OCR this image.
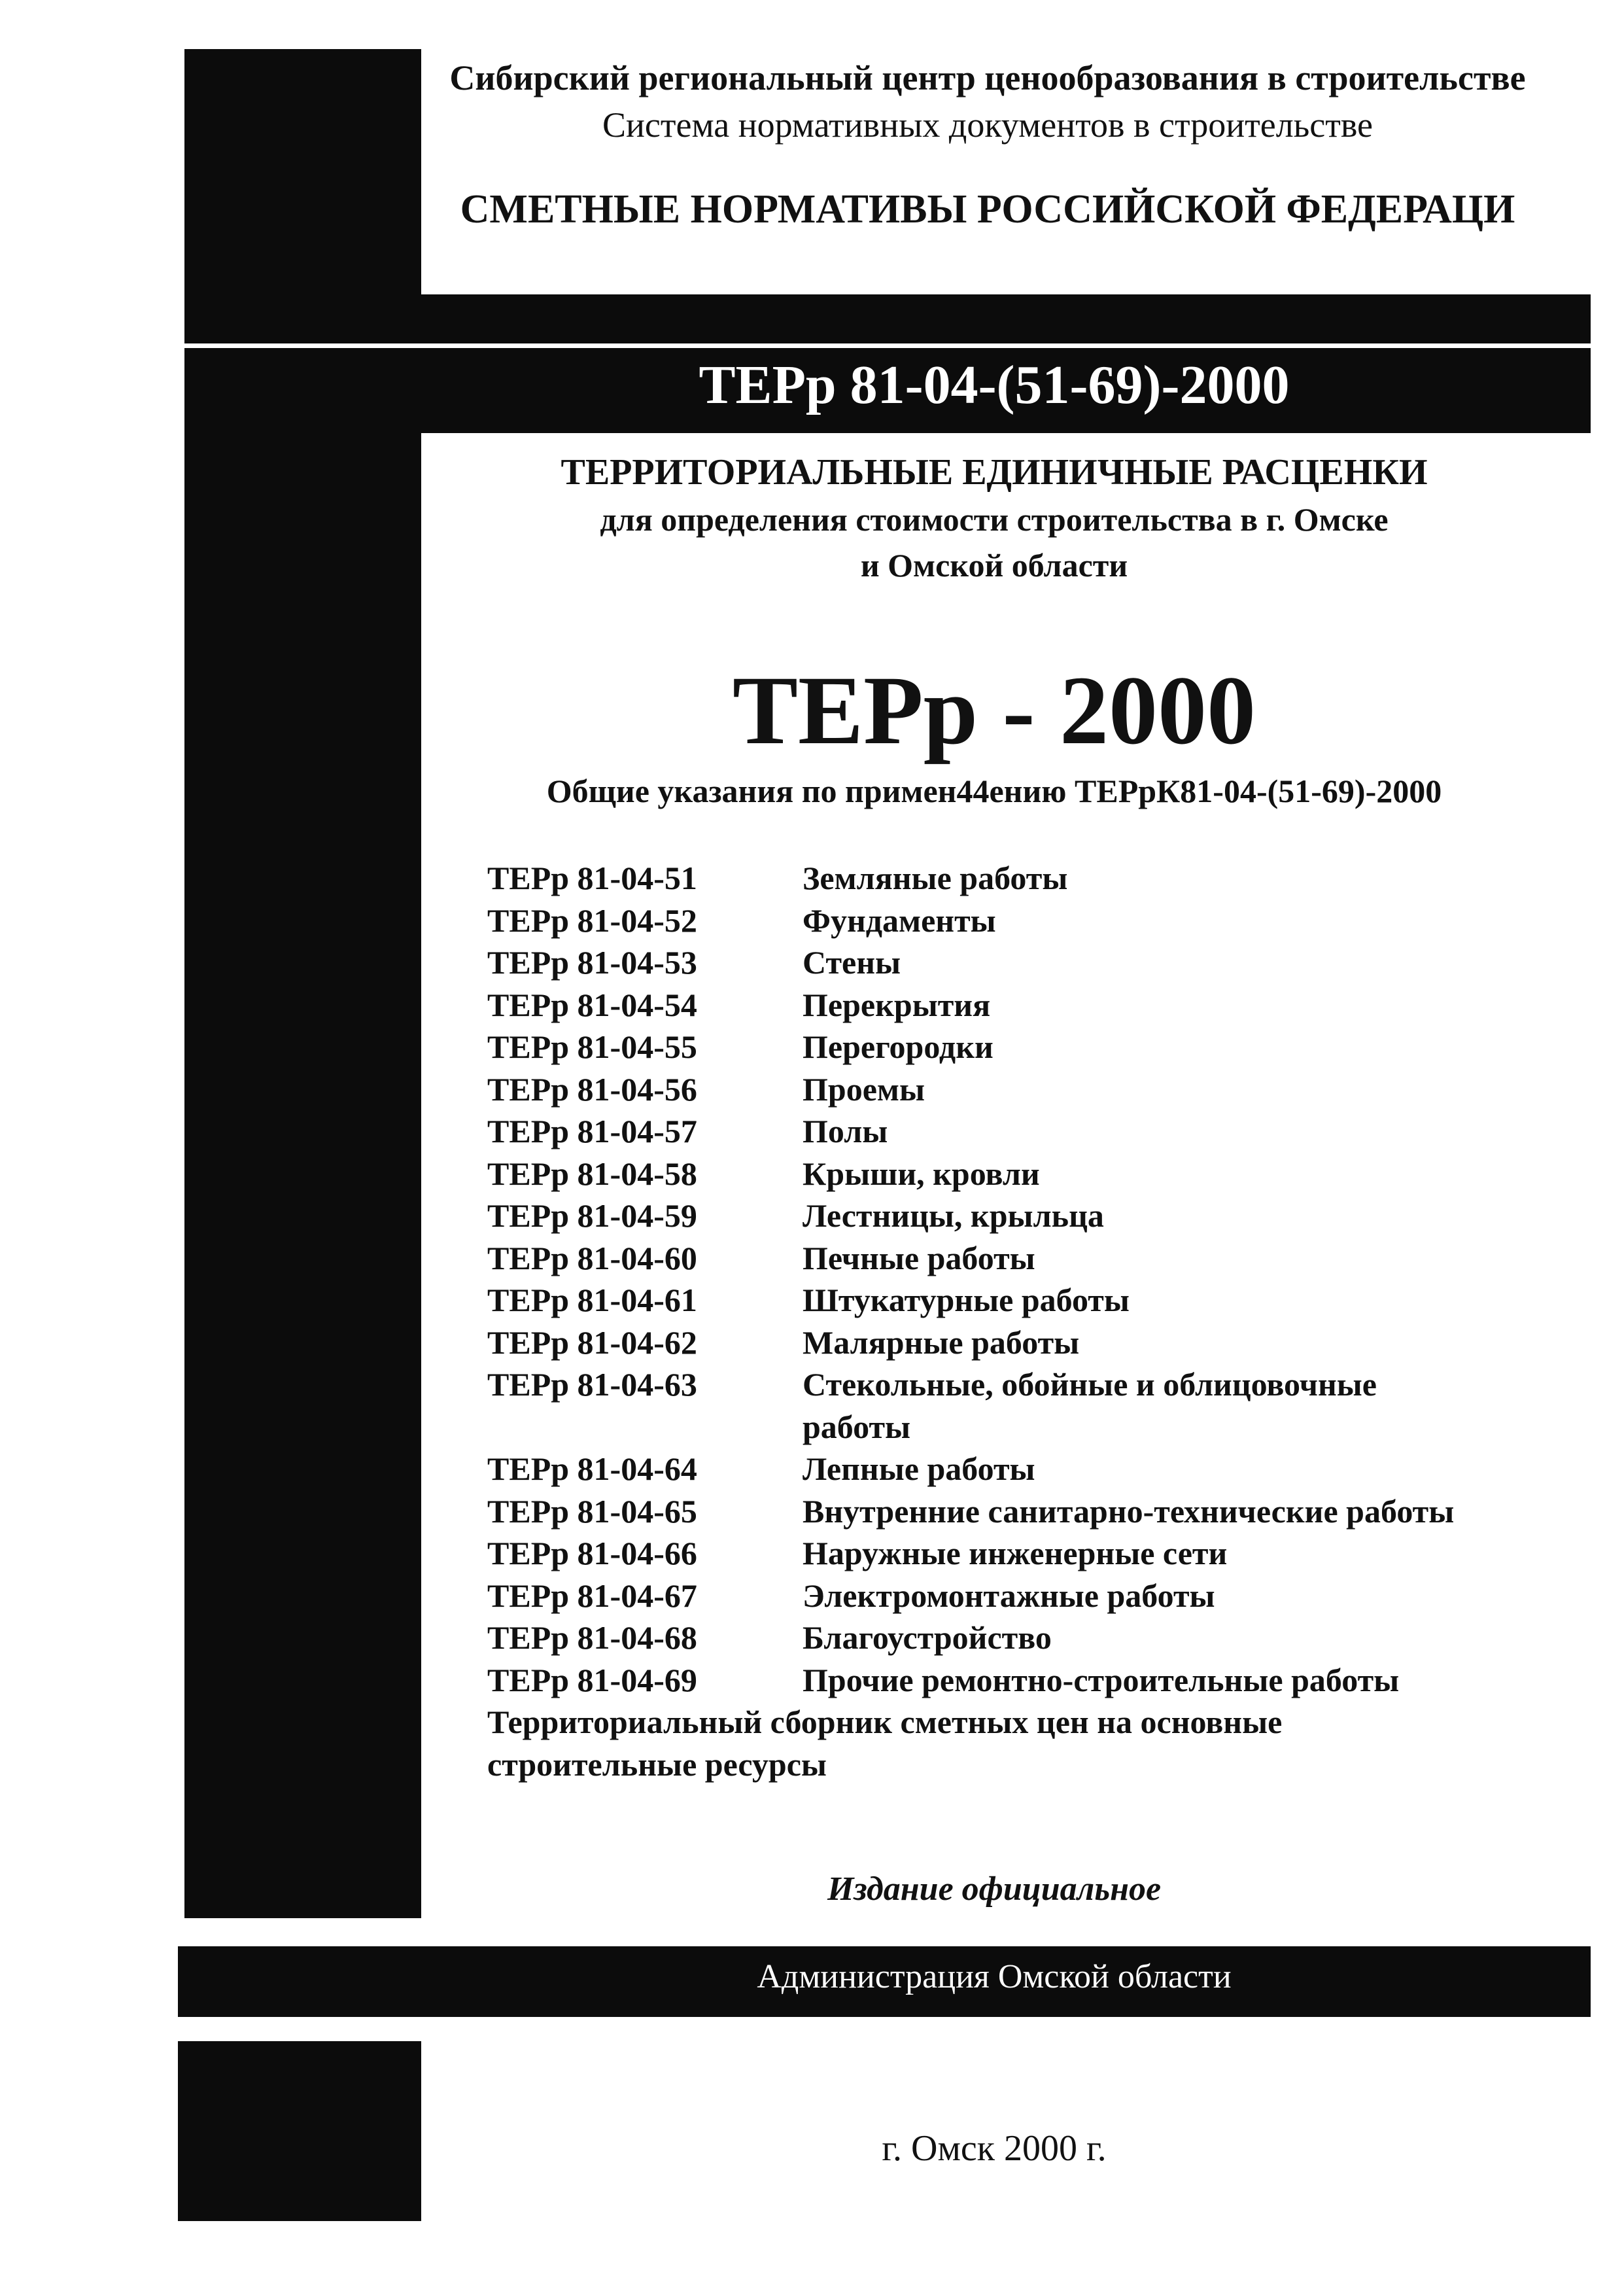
Сибирский региональный центр ценообразования в строительстве
Система нормативных документов в строительстве
СМЕТНЫЕ НОРМАТИВЫ РОССИЙСКОЙ ФЕДЕРАЦИ
ТЕРр 81-04-(51-69)-2000
ТЕРРИТОРИАЛЬНЫЕ ЕДИНИЧНЫЕ РАСЦЕНКИ
для определения стоимости строительства в г. Омске
и Омской области
ТЕРр - 2000
Общие указания по примен44ению ТЕРрК81-04-(51-69)-2000
ТЕРр 81-04-51	Земляные работы
ТЕРр 81-04-52	Фундаменты
ТЕРр 81-04-53	Стены
ТЕРр 81-04-54	Перекрытия
ТЕРр 81-04-55	Перегородки
ТЕРр 81-04-56	Проемы
ТЕРр 81-04-57	Полы
ТЕРр 81-04-58	Крыши, кровли
ТЕРр 81-04-59	Лестницы, крыльца
ТЕРр 81-04-60	Печные работы
ТЕРр 81-04-61	Штукатурные работы
ТЕРр 81-04-62	Малярные работы
ТЕРр 81-04-63	Стекольные, обойные и облицовочные работы
ТЕРр 81-04-64	Лепные работы
ТЕРр 81-04-65	Внутренние санитарно-технические работы
ТЕРр 81-04-66	Наружные инженерные сети
ТЕРр 81-04-67	Электромонтажные работы
ТЕРр 81-04-68	Благоустройство
ТЕРр 81-04-69	Прочие ремонтно-строительные работы
Территориальный сборник сметных цен на основные строительные ресурсы
Издание официальное
Администрация Омской области
г. Омск 2000 г.
